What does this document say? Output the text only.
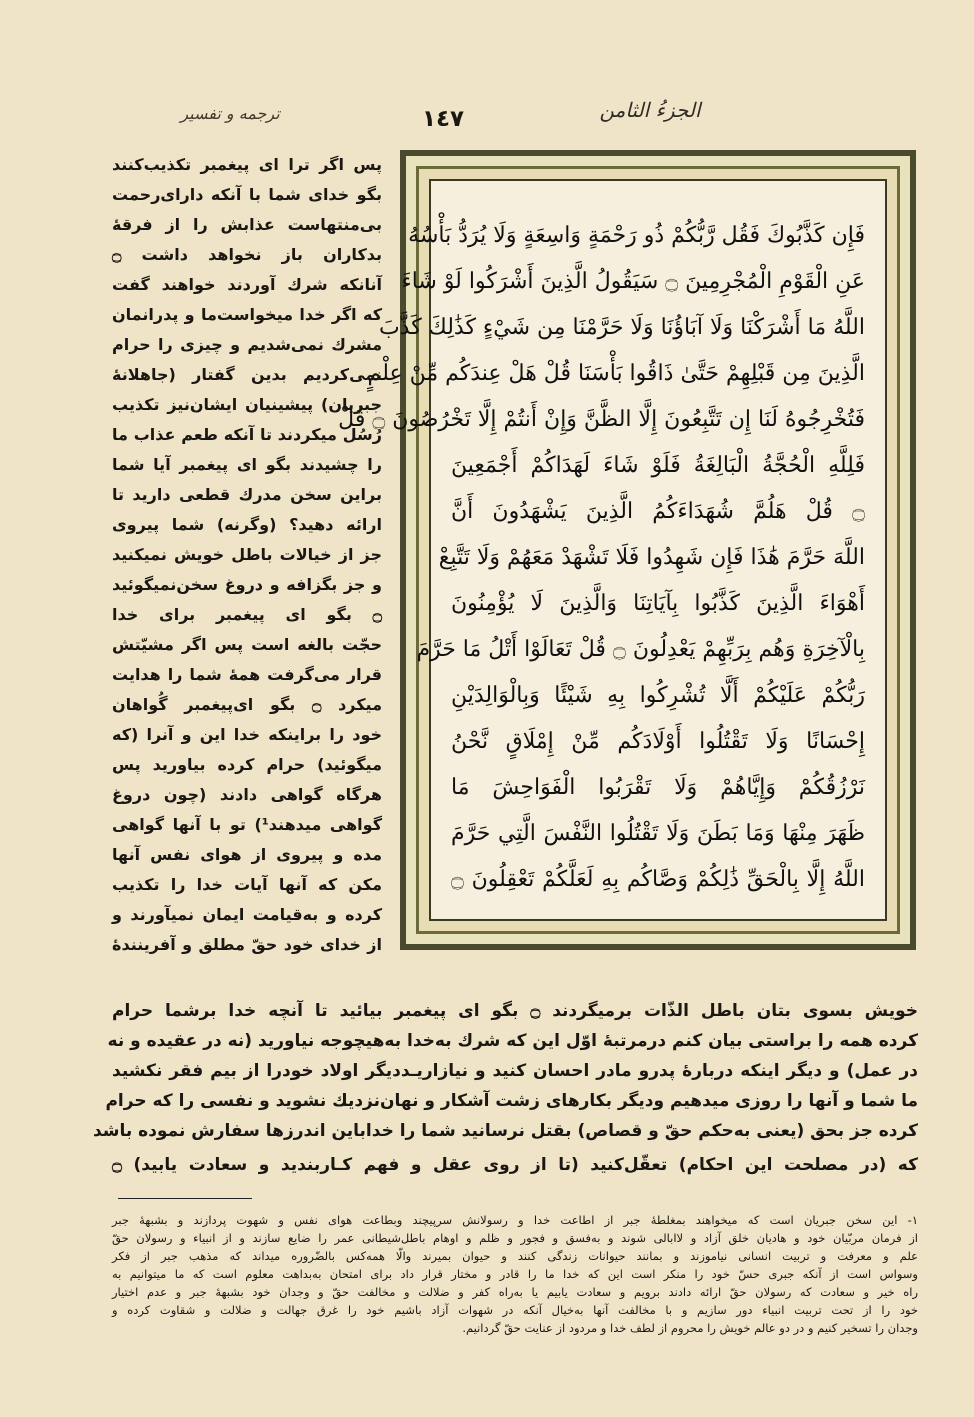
ترجمه و تفسیر	١٤٧	الجزءُ الثامن
فَإِن كَذَّبُوكَ فَقُل رَّبُّكُمْ ذُو رَحْمَةٍ وَاسِعَةٍ وَلَا يُرَدُّ بَأْسُهُ
عَنِ الْقَوْمِ الْمُجْرِمِينَ ۝ سَيَقُولُ الَّذِينَ أَشْرَكُوا لَوْ شَاءَ
اللَّهُ مَا أَشْرَكْنَا وَلَا آبَاؤُنَا وَلَا حَرَّمْنَا مِن شَيْءٍ كَذَٰلِكَ كَذَّبَ
الَّذِينَ مِن قَبْلِهِمْ حَتَّىٰ ذَاقُوا بَأْسَنَا قُلْ هَلْ عِندَكُم مِّنْ عِلْمٍ
فَتُخْرِجُوهُ لَنَا إِن تَتَّبِعُونَ إِلَّا الظَّنَّ وَإِنْ أَنتُمْ إِلَّا تَخْرُصُونَ ۝ قُلْ
فَلِلَّهِ الْحُجَّةُ الْبَالِغَةُ فَلَوْ شَاءَ لَهَدَاكُمْ أَجْمَعِينَ
۝ قُلْ هَلُمَّ شُهَدَاءَكُمُ الَّذِينَ يَشْهَدُونَ أَنَّ
اللَّهَ حَرَّمَ هَٰذَا فَإِن شَهِدُوا فَلَا تَشْهَدْ مَعَهُمْ وَلَا تَتَّبِعْ
أَهْوَاءَ الَّذِينَ كَذَّبُوا بِآيَاتِنَا وَالَّذِينَ لَا يُؤْمِنُونَ
بِالْآخِرَةِ وَهُم بِرَبِّهِمْ يَعْدِلُونَ ۝ قُلْ تَعَالَوْا أَتْلُ مَا حَرَّمَ
رَبُّكُمْ عَلَيْكُمْ أَلَّا تُشْرِكُوا بِهِ شَيْئًا وَبِالْوَالِدَيْنِ
إِحْسَانًا وَلَا تَقْتُلُوا أَوْلَادَكُم مِّنْ إِمْلَاقٍ نَّحْنُ
نَرْزُقُكُمْ وَإِيَّاهُمْ وَلَا تَقْرَبُوا الْفَوَاحِشَ مَا
ظَهَرَ مِنْهَا وَمَا بَطَنَ وَلَا تَقْتُلُوا النَّفْسَ الَّتِي حَرَّمَ
اللَّهُ إِلَّا بِالْحَقِّ ذَٰلِكُمْ وَصَّاكُم بِهِ لَعَلَّكُمْ تَعْقِلُونَ ۝
پس اگر ترا ای پیغمبر تکذیب‌کنند
بگو خدای شما با آنکه دارای‌رحمت
بی‌منتهاست عذابش را از فرقهٔ
بدکاران باز نخواهد داشت ۝
آنانکه شرك آوردند خواهند گفت
که اگر خدا میخواست‌ما و پدرانمان
مشرك نمی‌شدیم و چیزی را حرام
نمی‌کردیم بدین گفتار (جاهلانهٔ
جبریان) پیشینیان ایشان‌نیز تکذیب
رُسُل میکردند تا آنکه طعم عذاب ما
را چشیدند بگو ای پیغمبر آیا شما
براین سخن مدرك قطعی دارید تا
ارائه دهید؟ (وگرنه) شما پیروی
جز از خیالات باطل خویش نمیکنید
و جز بگزافه و دروغ سخن‌نمیگوئید
۝ بگو ای پیغمبر برای خدا
حجّت بالغه است پس اگر مشیّتش
قرار می‌گرفت همهٔ شما را هدایت
میکرد ۝ بگو ای‌پیغمبر گُواهان
خود را براینکه خدا این و آنرا (که
میگوئید) حرام کرده بیاورید پس
هرگاه گواهی دادند (چون دروغ
گواهی میدهند¹) تو با آنها گواهی
مده و پیروی از هوای نفس آنها
مکن که آنها آیات خدا را تکذیب
کرده و به‌قیامت ایمان نمیآورند و
از خدای خود حقّ مطلق و آفرینندهٔ
خویش بسوی بتان باطل الذّات برمیگردند ۝ بگو ای پیغمبر بیائید تا آنچه خدا برشما حرام
کرده همه را براستی بیان کنم درمرتبهٔ اوّل این که شرك به‌خدا به‌هیچوجه نیاورید (نه در عقیده و نه
در عمل) و دیگر اینکه دربارهٔ پدرو مادر احسان کنید و نیازاریـد‌دیگر اولاد خودرا از بیم فقر نکشید
ما شما و آنها را روزی میدهیم و‌دیگر بکارهای زشت آشکار و نهان‌نزدیك نشوید و نفسی را که حرام
کرده جز بحق (یعنی به‌حکم حقّ و قصاص) بقتل نرسانید شما را خدا‌باین اندرزها سفارش نموده باشد
که (در مصلحت این احکام) تعقّل‌کنید (تا از روی عقل و فهم کـار‌بندید و سعادت یابید) ۝
۱- این سخن جبریان است که میخواهند بمغلطهٔ جبر از اطاعت خدا و رسولانش سرپیچند وبطاعت هوای نفس و شهوت پردازند و بشبههٔ جبر
از فرمان مربّیان خود و هادیان خلق آزاد و لاابالی شوند و به‌فسق و فجور و ظلم و اوهام باطل‌شیطانی عمر را ضایع سازند و از انبیاء و رسولان حقّ
علم و معرفت و تربیت انسانی نیاموزند و بمانند حیوانات زندگی کنند و حیوان بمیرند و‌الّا همه‌کس بالضّروره میداند که مذهب جبر از فکر
وسواس است از آنکه جبری حسّ خود را منکر است این که خدا ما را قادر و مختار قرار داد برای امتحان به‌بداهت معلوم است که ما میتوانیم به
راه خیر و سعادت که رسولان حقّ ارائه دادند برویم و سعادت یابیم یا به‌راه کفر و ضلالت و مخالفت حقّ و وجدان خود بشبههٔ جبر و عدم اختیار
خود را از تحت تربیت انبیاء دور سازیم و با مخالفت آنها به‌خیال آنکه در شهوات آزاد باشیم خود را غرق جهالت و ضلالت و شقاوت کرده و
وجدان را تسخیر کنیم و در دو عالم خویش را محروم از لطف خدا و مردود از عنایت حقّ گردانیم.
